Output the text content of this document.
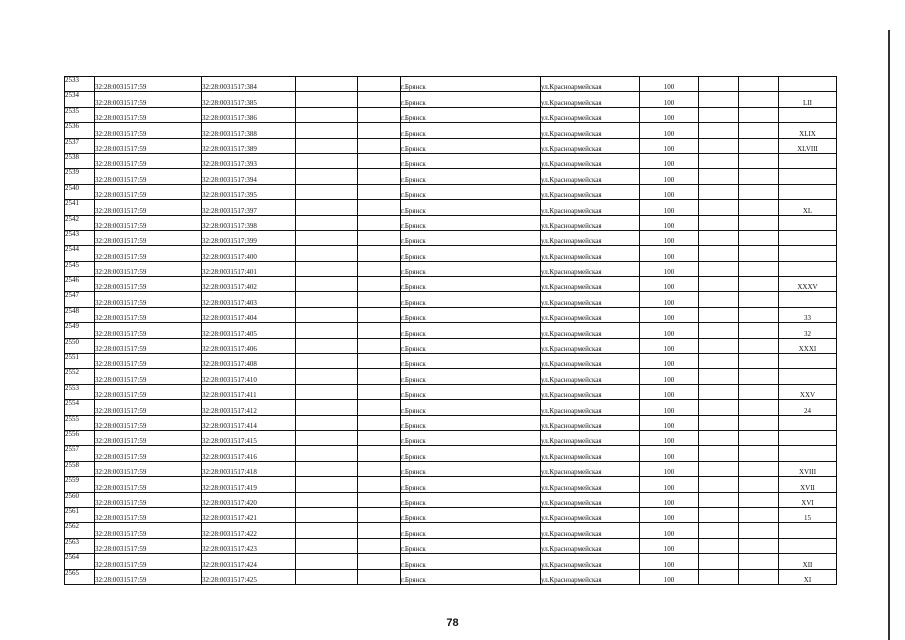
2533	32:28:0031517:59	32:28:0031517:384			г.Брянск	ул.Красноармейская	100			
2534	32:28:0031517:59	32:28:0031517:385			г.Брянск	ул.Красноармейская	100			LII
2535	32:28:0031517:59	32:28:0031517:386			г.Брянск	ул.Красноармейская	100			
2536	32:28:0031517:59	32:28:0031517:388			г.Брянск	ул.Красноармейская	100			XLIX
2537	32:28:0031517:59	32:28:0031517:389			г.Брянск	ул.Красноармейская	100			XLVIII
2538	32:28:0031517:59	32:28:0031517:393			г.Брянск	ул.Красноармейская	100			
2539	32:28:0031517:59	32:28:0031517:394			г.Брянск	ул.Красноармейская	100			
2540	32:28:0031517:59	32:28:0031517:395			г.Брянск	ул.Красноармейская	100			
2541	32:28:0031517:59	32:28:0031517:397			г.Брянск	ул.Красноармейская	100			XL
2542	32:28:0031517:59	32:28:0031517:398			г.Брянск	ул.Красноармейская	100			
2543	32:28:0031517:59	32:28:0031517:399			г.Брянск	ул.Красноармейская	100			
2544	32:28:0031517:59	32:28:0031517:400			г.Брянск	ул.Красноармейская	100			
2545	32:28:0031517:59	32:28:0031517:401			г.Брянск	ул.Красноармейская	100			
2546	32:28:0031517:59	32:28:0031517:402			г.Брянск	ул.Красноармейская	100			XXXV
2547	32:28:0031517:59	32:28:0031517:403			г.Брянск	ул.Красноармейская	100			
2548	32:28:0031517:59	32:28:0031517:404			г.Брянск	ул.Красноармейская	100			33
2549	32:28:0031517:59	32:28:0031517:405			г.Брянск	ул.Красноармейская	100			32
2550	32:28:0031517:59	32:28:0031517:406			г.Брянск	ул.Красноармейская	100			XXXI
2551	32:28:0031517:59	32:28:0031517:408			г.Брянск	ул.Красноармейская	100			
2552	32:28:0031517:59	32:28:0031517:410			г.Брянск	ул.Красноармейская	100			
2553	32:28:0031517:59	32:28:0031517:411			г.Брянск	ул.Красноармейская	100			XXV
2554	32:28:0031517:59	32:28:0031517:412			г.Брянск	ул.Красноармейская	100			24
2555	32:28:0031517:59	32:28:0031517:414			г.Брянск	ул.Красноармейская	100			
2556	32:28:0031517:59	32:28:0031517:415			г.Брянск	ул.Красноармейская	100			
2557	32:28:0031517:59	32:28:0031517:416			г.Брянск	ул.Красноармейская	100			
2558	32:28:0031517:59	32:28:0031517:418			г.Брянск	ул.Красноармейская	100			XVIII
2559	32:28:0031517:59	32:28:0031517:419			г.Брянск	ул.Красноармейская	100			XVII
2560	32:28:0031517:59	32:28:0031517:420			г.Брянск	ул.Красноармейская	100			XVI
2561	32:28:0031517:59	32:28:0031517:421			г.Брянск	ул.Красноармейская	100			15
2562	32:28:0031517:59	32:28:0031517:422			г.Брянск	ул.Красноармейская	100			
2563	32:28:0031517:59	32:28:0031517:423			г.Брянск	ул.Красноармейская	100			
2564	32:28:0031517:59	32:28:0031517:424			г.Брянск	ул.Красноармейская	100			XII
2565	32:28:0031517:59	32:28:0031517:425			г.Брянск	ул.Красноармейская	100			XI
78
